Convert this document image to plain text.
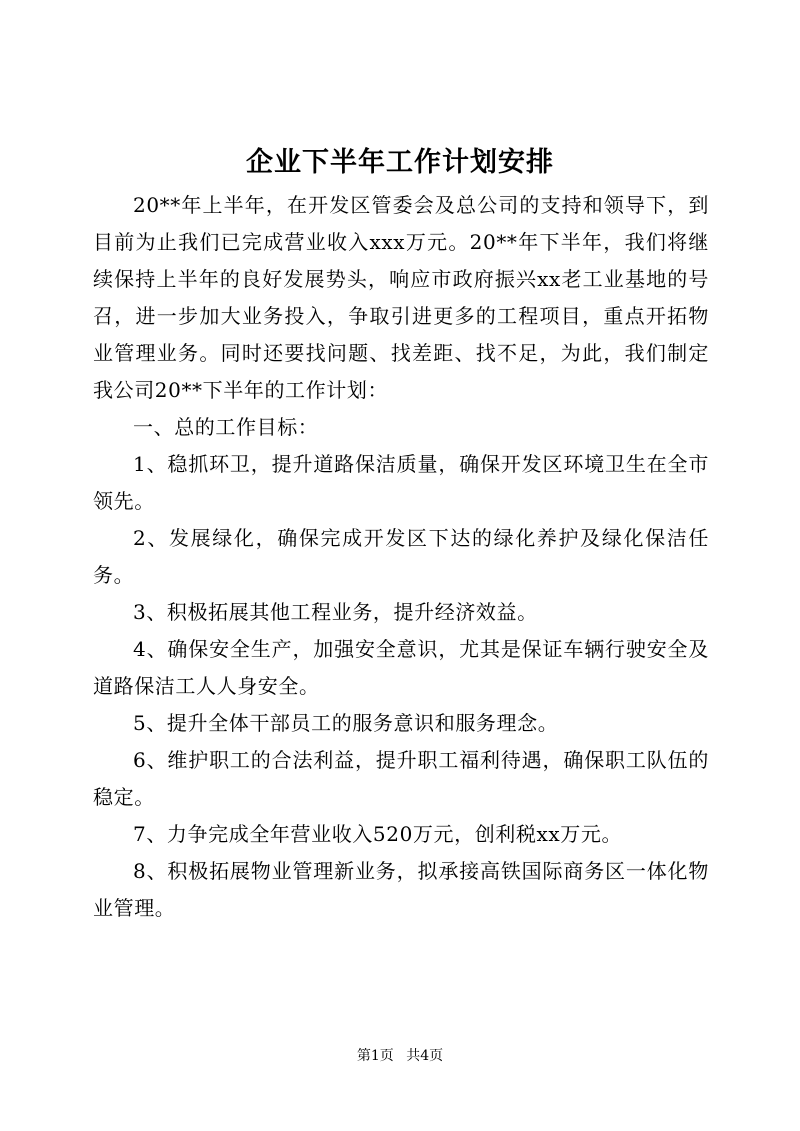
企业下半年工作计划安排

20**年上半年，在开发区管委会及总公司的支持和领导下，到目前为止我们已完成营业收入xxx万元。20**年下半年，我们将继续保持上半年的良好发展势头，响应市政府振兴xx老工业基地的号召，进一步加大业务投入，争取引进更多的工程项目，重点开拓物业管理业务。同时还要找问题、找差距、找不足，为此，我们制定我公司20**下半年的工作计划：

一、总的工作目标：

1、稳抓环卫，提升道路保洁质量，确保开发区环境卫生在全市领先。

2、发展绿化，确保完成开发区下达的绿化养护及绿化保洁任务。

3、积极拓展其他工程业务，提升经济效益。

4、确保安全生产，加强安全意识，尤其是保证车辆行驶安全及道路保洁工人人身安全。

5、提升全体干部员工的服务意识和服务理念。

6、维护职工的合法利益，提升职工福利待遇，确保职工队伍的稳定。

7、力争完成全年营业收入520万元，创利税xx万元。

8、积极拓展物业管理新业务，拟承接高铁国际商务区一体化物业管理。

第1页 共4页
